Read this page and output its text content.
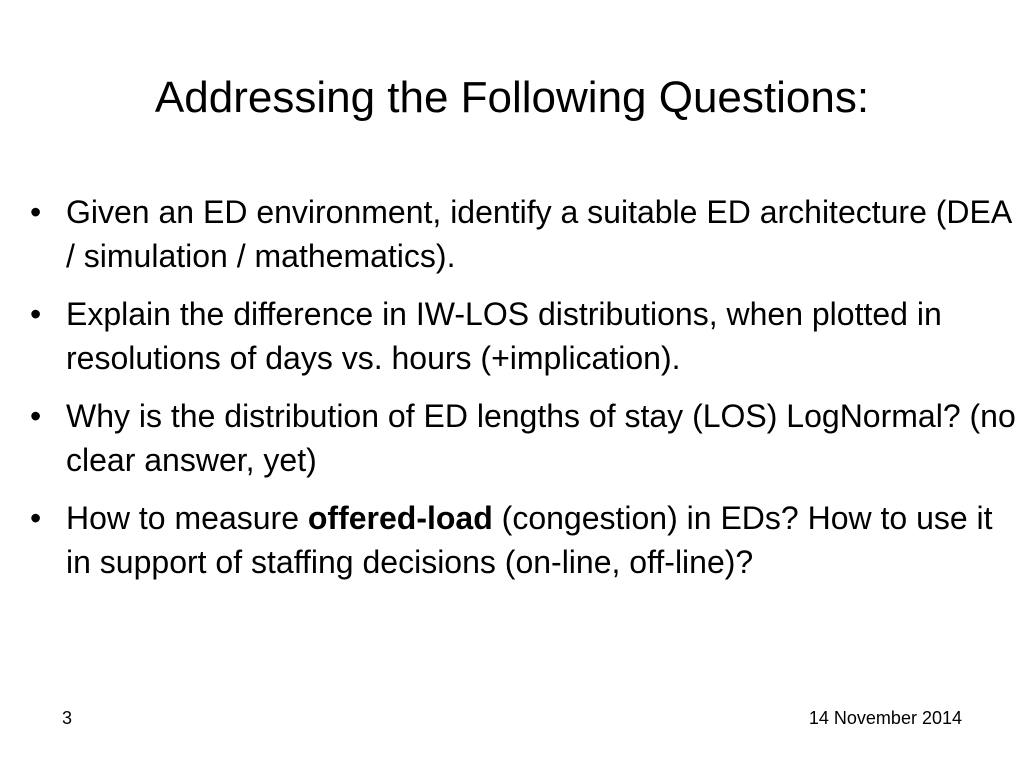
Addressing the Following Questions:
• Given an ED environment, identify a suitable ED architecture (DEA / simulation / mathematics).
• Explain the difference in IW-LOS distributions, when plotted in resolutions of days vs. hours (+implication).
• Why is the distribution of ED lengths of stay (LOS) LogNormal? (no clear answer, yet)
• How to measure offered-load (congestion) in EDs? How to use it in support of staffing decisions (on-line, off-line)?
3	14 November 2014
